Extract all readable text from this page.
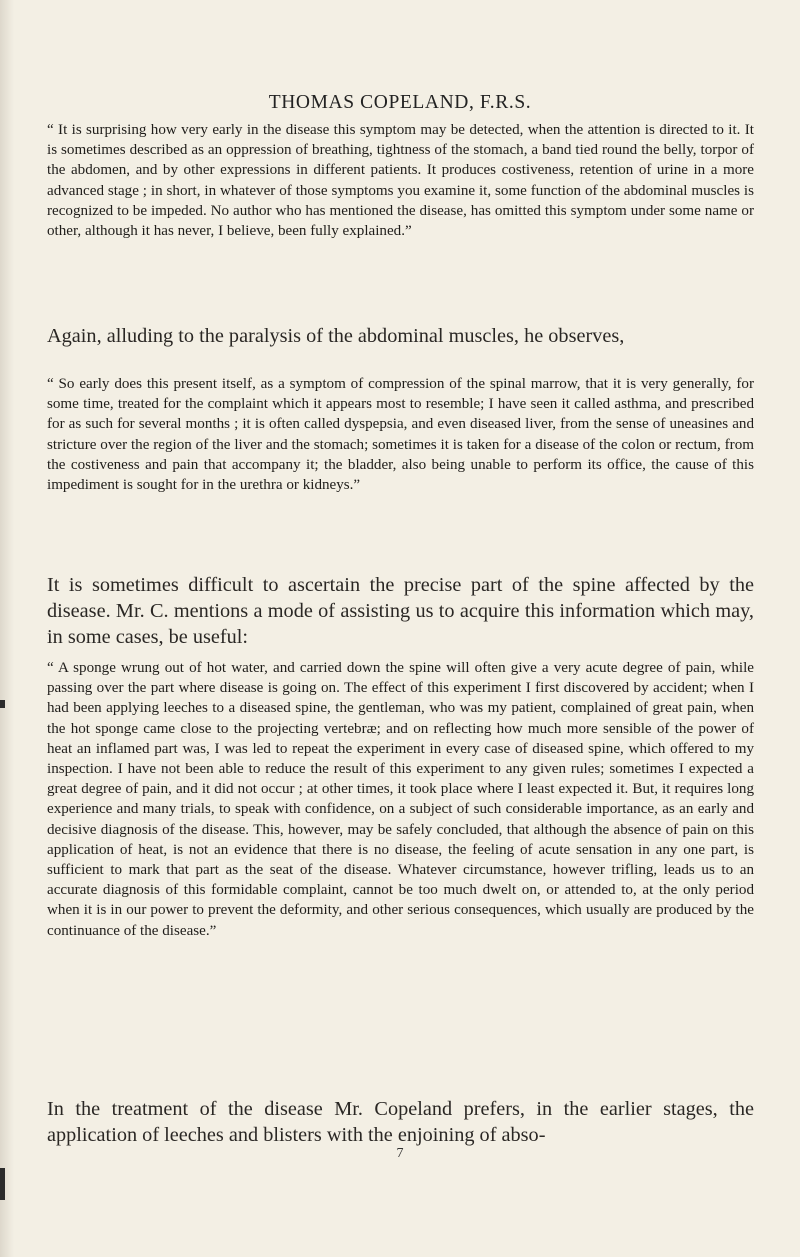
THOMAS COPELAND, F.R.S.

“ It is surprising how very early in the disease this symptom may be detected, when the attention is directed to it. It is sometimes described as an oppression of breathing, tightness of the stomach, a band tied round the belly, torpor of the abdomen, and by other expressions in different patients. It produces costiveness, retention of urine in a more advanced stage ; in short, in whatever of those symptoms you examine it, some function of the abdominal muscles is recognized to be impeded. No author who has mentioned the disease, has omitted this symptom under some name or other, although it has never, I believe, been fully explained.”

Again, alluding to the paralysis of the abdominal muscles, he observes,

“ So early does this present itself, as a symptom of compression of the spinal marrow, that it is very generally, for some time, treated for the complaint which it appears most to resemble; I have seen it called asthma, and prescribed for as such for several months ; it is often called dyspepsia, and even diseased liver, from the sense of uneasines and stricture over the region of the liver and the stomach; sometimes it is taken for a disease of the colon or rectum, from the costiveness and pain that accompany it; the bladder, also being unable to perform its office, the cause of this impediment is sought for in the urethra or kidneys.”

It is sometimes difficult to ascertain the precise part of the spine affected by the disease. Mr. C. mentions a mode of assisting us to acquire this information which may, in some cases, be useful:

“ A sponge wrung out of hot water, and carried down the spine will often give a very acute degree of pain, while passing over the part where disease is going on. The effect of this experiment I first discovered by accident; when I had been applying leeches to a diseased spine, the gentleman, who was my patient, complained of great pain, when the hot sponge came close to the projecting vertebræ; and on reflecting how much more sensible of the power of heat an inflamed part was, I was led to repeat the experiment in every case of diseased spine, which offered to my inspection. I have not been able to reduce the result of this experiment to any given rules; sometimes I expected a great degree of pain, and it did not occur ; at other times, it took place where I least expected it. But, it requires long experience and many trials, to speak with confidence, on a subject of such considerable importance, as an early and decisive diagnosis of the disease. This, however, may be safely concluded, that although the absence of pain on this application of heat, is not an evidence that there is no disease, the feeling of acute sensation in any one part, is sufficient to mark that part as the seat of the disease. Whatever circumstance, however trifling, leads us to an accurate diagnosis of this formidable complaint, cannot be too much dwelt on, or attended to, at the only period when it is in our power to prevent the deformity, and other serious consequences, which usually are produced by the continuance of the disease.”

In the treatment of the disease Mr. Copeland prefers, in the earlier stages, the application of leeches and blisters with the enjoining of abso-

7
